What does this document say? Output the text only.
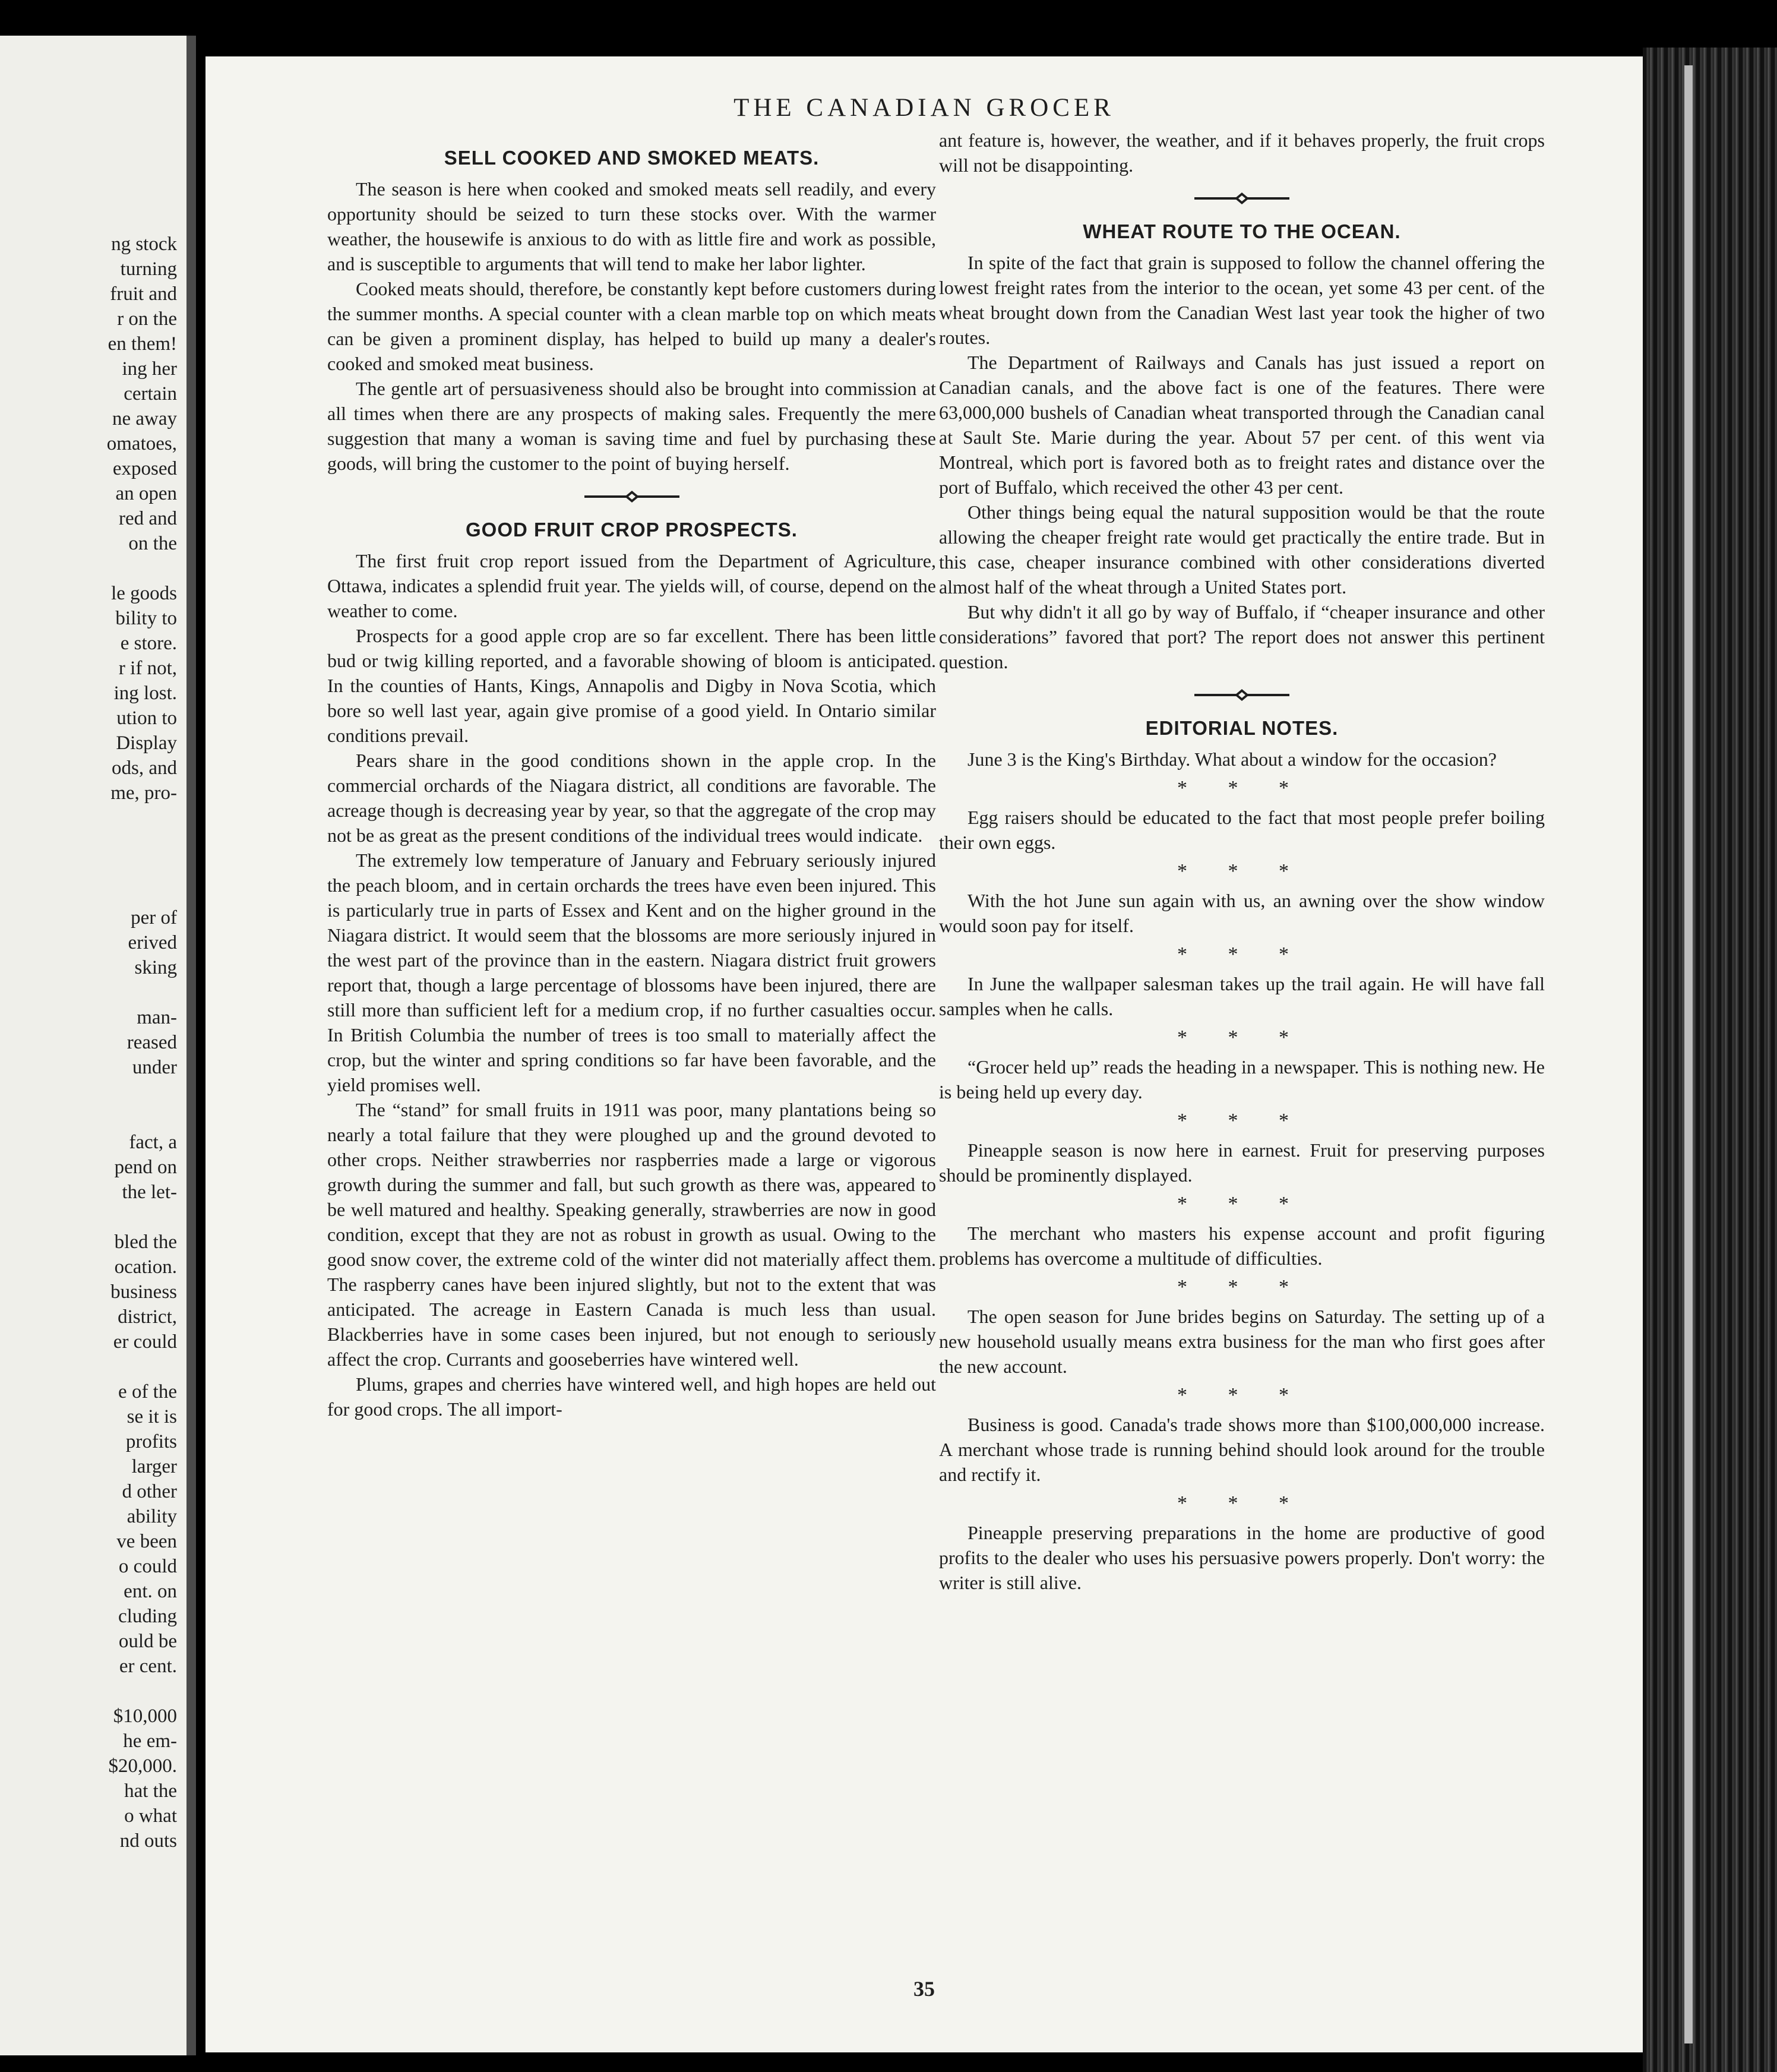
ng stock
turning
fruit and
r on the
en them!
ing her
certain
ne away
omatoes,
exposed
an open
red and
on the
le goods
bility to
e store.
r if not,
ing lost.
ution to
Display
ods, and
me, pro-
per of
erived
sking
man-
reased
under
fact, a
pend on
the let-
bled the
ocation.
business
district,
er could
e of the
se it is
profits
larger
d other
ability
ve been
o could
ent. on
cluding
ould be
er cent.
$10,000
he em-
$20,000.
hat the
o what
nd outs
THE CANADIAN GROCER
SELL COOKED AND SMOKED MEATS.

The season is here when cooked and smoked meats sell readily, and every opportunity should be seized to turn these stocks over. With the warmer weather, the housewife is anxious to do with as little fire and work as possible, and is susceptible to arguments that will tend to make her labor lighter.

Cooked meats should, therefore, be constantly kept before customers during the summer months. A special counter with a clean marble top on which meats can be given a prominent display, has helped to build up many a dealer's cooked and smoked meat business.

The gentle art of persuasiveness should also be brought into commission at all times when there are any prospects of making sales. Frequently the mere suggestion that many a woman is saving time and fuel by purchasing these goods, will bring the customer to the point of buying herself.

GOOD FRUIT CROP PROSPECTS.

The first fruit crop report issued from the Department of Agriculture, Ottawa, indicates a splendid fruit year. The yields will, of course, depend on the weather to come.

Prospects for a good apple crop are so far excellent. There has been little bud or twig killing reported, and a favorable showing of bloom is anticipated. In the counties of Hants, Kings, Annapolis and Digby in Nova Scotia, which bore so well last year, again give promise of a good yield. In Ontario similar conditions prevail.

Pears share in the good conditions shown in the apple crop. In the commercial orchards of the Niagara district, all conditions are favorable. The acreage though is decreasing year by year, so that the aggregate of the crop may not be as great as the present conditions of the individual trees would indicate.

The extremely low temperature of January and February seriously injured the peach bloom, and in certain orchards the trees have even been injured. This is particularly true in parts of Essex and Kent and on the higher ground in the Niagara district. It would seem that the blossoms are more seriously injured in the west part of the province than in the eastern. Niagara district fruit growers report that, though a large percentage of blossoms have been injured, there are still more than sufficient left for a medium crop, if no further casualties occur. In British Columbia the number of trees is too small to materially affect the crop, but the winter and spring conditions so far have been favorable, and the yield promises well.

The “stand” for small fruits in 1911 was poor, many plantations being so nearly a total failure that they were ploughed up and the ground devoted to other crops. Neither strawberries nor raspberries made a large or vigorous growth during the summer and fall, but such growth as there was, appeared to be well matured and healthy. Speaking generally, strawberries are now in good condition, except that they are not as robust in growth as usual. Owing to the good snow cover, the extreme cold of the winter did not materially affect them. The raspberry canes have been injured slightly, but not to the extent that was anticipated. The acreage in Eastern Canada is much less than usual. Blackberries have in some cases been injured, but not enough to seriously affect the crop. Currants and gooseberries have wintered well.

Plums, grapes and cherries have wintered well, and high hopes are held out for good crops. The all import-

ant feature is, however, the weather, and if it behaves properly, the fruit crops will not be disappointing.

WHEAT ROUTE TO THE OCEAN.

In spite of the fact that grain is supposed to follow the channel offering the lowest freight rates from the interior to the ocean, yet some 43 per cent. of the wheat brought down from the Canadian West last year took the higher of two routes.

The Department of Railways and Canals has just issued a report on Canadian canals, and the above fact is one of the features. There were 63,000,000 bushels of Canadian wheat transported through the Canadian canal at Sault Ste. Marie during the year. About 57 per cent. of this went via Montreal, which port is favored both as to freight rates and distance over the port of Buffalo, which received the other 43 per cent.

Other things being equal the natural supposition would be that the route allowing the cheaper freight rate would get practically the entire trade. But in this case, cheaper insurance combined with other considerations diverted almost half of the wheat through a United States port.

But why didn't it all go by way of Buffalo, if “cheaper insurance and other considerations” favored that port? The report does not answer this pertinent question.

EDITORIAL NOTES.

June 3 is the King's Birthday. What about a window for the occasion?

* * *

Egg raisers should be educated to the fact that most people prefer boiling their own eggs.

* * *

With the hot June sun again with us, an awning over the show window would soon pay for itself.

* * *

In June the wallpaper salesman takes up the trail again. He will have fall samples when he calls.

* * *

“Grocer held up” reads the heading in a newspaper. This is nothing new. He is being held up every day.

* * *

Pineapple season is now here in earnest. Fruit for preserving purposes should be prominently displayed.

* * *

The merchant who masters his expense account and profit figuring problems has overcome a multitude of difficulties.

* * *

The open season for June brides begins on Saturday. The setting up of a new household usually means extra business for the man who first goes after the new account.

* * *

Business is good. Canada's trade shows more than $100,000,000 increase. A merchant whose trade is running behind should look around for the trouble and rectify it.

* * *

Pineapple preserving preparations in the home are productive of good profits to the dealer who uses his persuasive powers properly. Don't worry: the writer is still alive.

35
